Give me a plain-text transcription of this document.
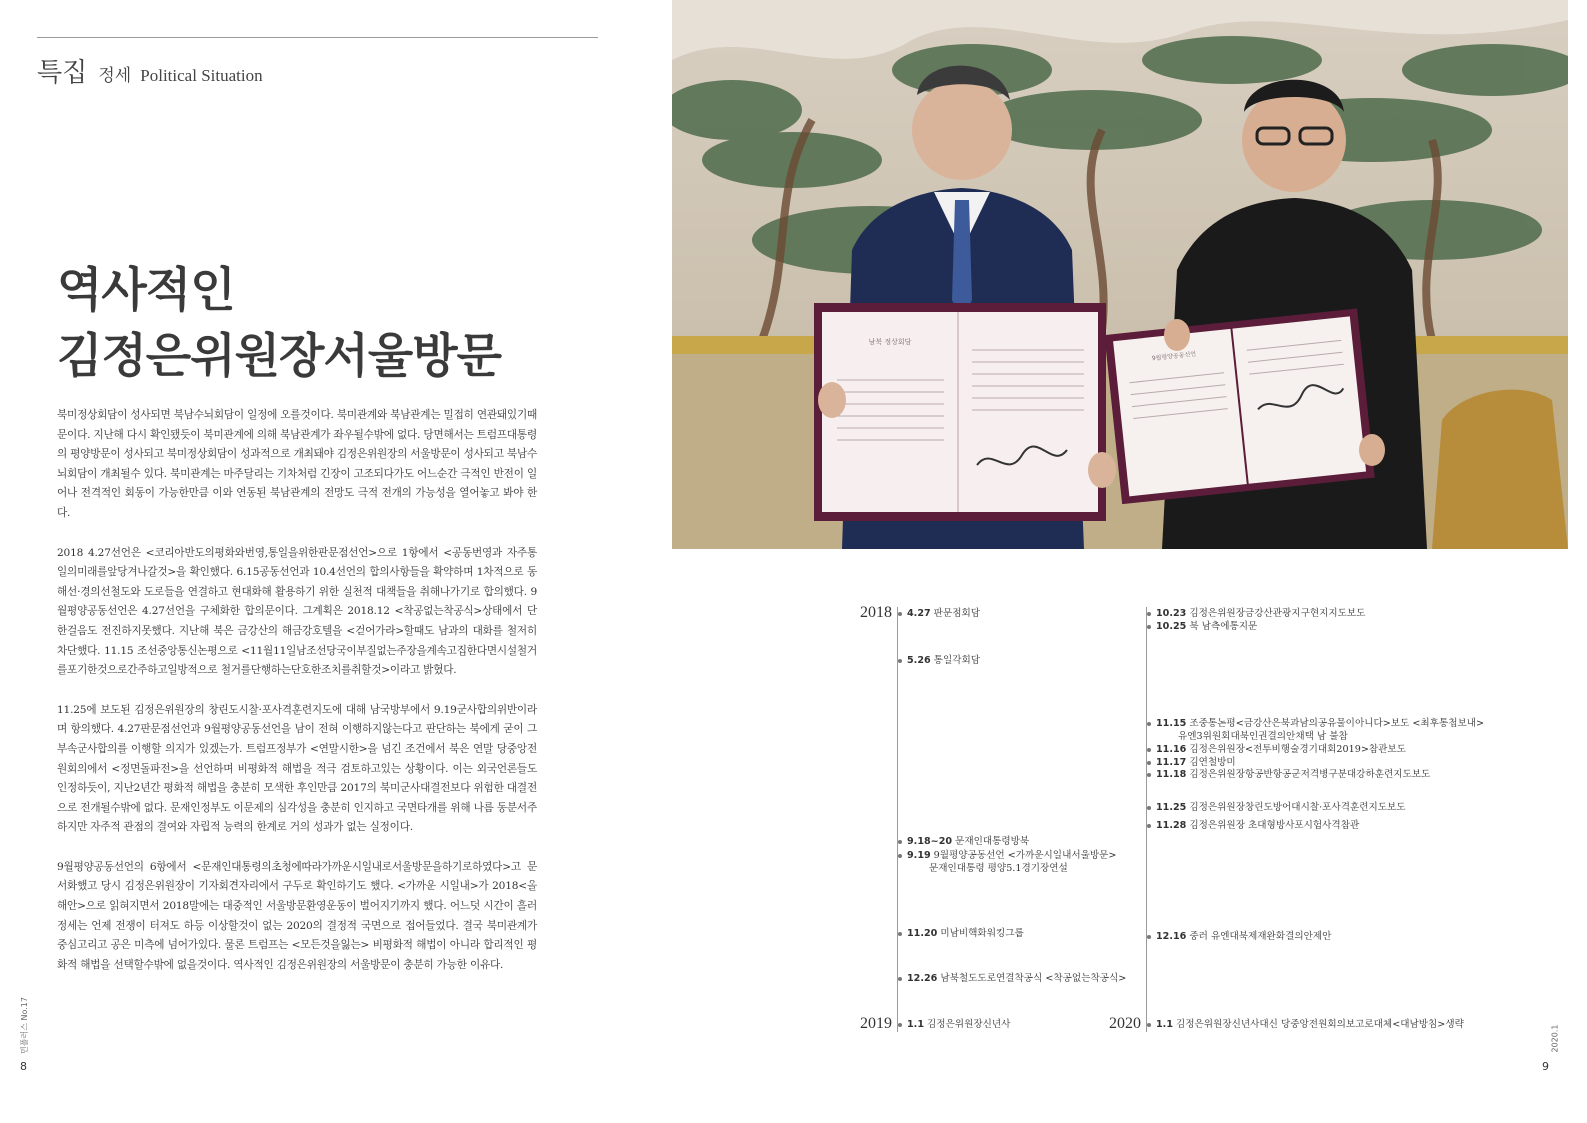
특집 정세 Political Situation
역사적인
김정은위원장서울방문

북미정상회담이 성사되면 북남수뇌회담이 일정에 오를것이다. 북미관계와 북남관계는 밀접히 연관돼있기때문이다. 지난해 다시 확인됐듯이 북미관계에 의해 북남관계가 좌우될수밖에 없다. 당면해서는 트럼프대통령의 평양방문이 성사되고 북미정상회담이 성과적으로 개최돼야 김정은위원장의 서울방문이 성사되고 북남수뇌회담이 개최될수 있다. 북미관계는 마주달리는 기차처럼 긴장이 고조되다가도 어느순간 극적인 반전이 일어나 전격적인 회동이 가능한만큼 이와 연동된 북남관계의 전망도 극적 전개의 가능성을 열어놓고 봐야 한다.

2018 4.27선언은 <코리아반도의평화와번영,통일을위한판문점선언>으로 1항에서 <공동번영과 자주통일의미래를앞당겨나갈것>을 확인했다. 6.15공동선언과 10.4선언의 합의사항들을 확약하며 1차적으로 동해선·경의선철도와 도로들을 연결하고 현대화해 활용하기 위한 실천적 대책들을 취해나가기로 합의했다. 9월평양공동선언은 4.27선언을 구체화한 합의문이다. 그계획은 2018.12 <착공없는착공식>상태에서 단 한걸음도 전진하지못했다. 지난해 북은 금강산의 해금강호텔을 <걷어가라>할때도 남과의 대화를 철저히 차단했다. 11.15 조선중앙통신논평으로 <11월11일남조선당국이부질없는주장을계속고집한다면시설철거를포기한것으로간주하고일방적으로 철거를단행하는단호한조치를취할것>이라고 밝혔다.

11.25에 보도된 김정은위원장의 창린도시찰·포사격훈련지도에 대해 남국방부에서 9.19군사합의위반이라며 항의했다. 4.27판문점선언과 9월평양공동선언을 남이 전혀 이행하지않는다고 판단하는 북에게 굳이 그부속군사합의를 이행할 의지가 있겠는가. 트럼프정부가 <연말시한>을 넘긴 조건에서 북은 연말 당중앙전원회의에서 <정면돌파전>을 선언하며 비평화적 해법을 적극 검토하고있는 상황이다. 이는 외국언론들도 인정하듯이, 지난2년간 평화적 해법을 충분히 모색한 후인만큼 2017의 북미군사대결전보다 위험한 대결전으로 전개될수밖에 없다. 문재인정부도 이문제의 심각성을 충분히 인지하고 국면타개를 위해 나름 동분서주하지만 자주적 관점의 결여와 자립적 능력의 한계로 거의 성과가 없는 실정이다.

9월평양공동선언의 6항에서 <문재인대통령의초청에따라가까운시일내로서울방문을하기로하였다>고 문서화했고 당시 김정은위원장이 기자회견자리에서 구두로 확인하기도 했다. <가까운 시일내>가 2018<올해안>으로 읽혀지면서 2018말에는 대중적인 서울방문환영운동이 벌어지기까지 했다. 어느덧 시간이 흘러 정세는 언제 전쟁이 터져도 하등 이상할것이 없는 2020의 결정적 국면으로 접어들었다. 결국 북미관계가 중심고리고 공은 미측에 넘어가있다. 물론 트럼프는 <모든것을잃는> 비평화적 해법이 아니라 합리적인 평화적 해법을 선택할수밖에 없을것이다. 역사적인 김정은위원장의 서울방문이 충분히 가능한 이유다.

민플러스 No.17
8
남북 정상회담
9월평양공동선언
2018
2019	2020
4.27 판문점회담
5.26 통일각회담
9.18~20 문재인대통령방북
9.19 9월평양공동선언 <가까운시일내서울방문>
문재인대통령 평양5.1경기장연설
11.20 미남비핵화워킹그룹
12.26 남북철도도로연결착공식 <착공없는착공식>
1.1 김정은위원장신년사
10.23 김정은위원장금강산관광지구현지지도보도
10.25 북 남측에통지문
11.15 조중통논평<금강산은북과남의공유물이아니다>보도 <최후통첩보내>
유엔3위원회대북인권결의안채택 남 불참
11.16 김정은위원장<전투비행술경기대회2019>참관보도
11.17 김연철방미
11.18 김정은위원장항공반항공군저격병구분대강하훈련지도보도
11.25 김정은위원장창린도방어대시찰·포사격훈련지도보도
11.28 김정은위원장 초대형방사포시험사격참관
12.16 중러 유엔대북제재완화결의안제안
1.1 김정은위원장신년사대신 당중앙전원회의보고로대체<대남방침>생략	2020.1
9
